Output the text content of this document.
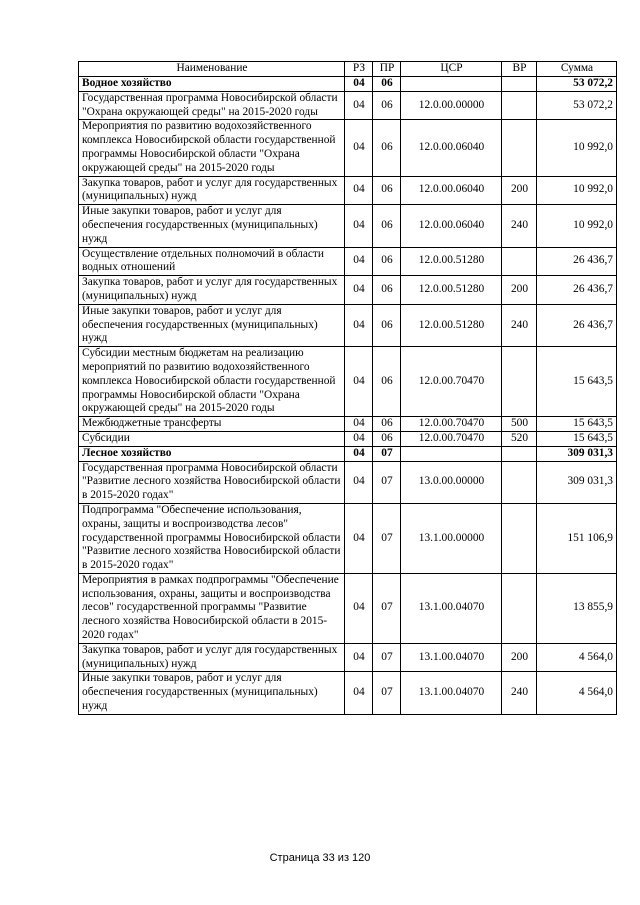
Наименование	РЗ	ПР	ЦСР	ВР	Сумма
Водное хозяйство	04	06			53 072,2
Государственная программа Новосибирской области "Охрана окружающей среды" на 2015-2020 годы	04	06	12.0.00.00000		53 072,2
Мероприятия по развитию водохозяйственного комплекса Новосибирской области государственной программы Новосибирской области "Охрана окружающей среды" на 2015-2020 годы	04	06	12.0.00.06040		10 992,0
Закупка товаров, работ и услуг для государственных (муниципальных) нужд	04	06	12.0.00.06040	200	10 992,0
Иные закупки товаров, работ и услуг для обеспечения государственных (муниципальных) нужд	04	06	12.0.00.06040	240	10 992,0
Осуществление отдельных полномочий в области водных отношений	04	06	12.0.00.51280		26 436,7
Закупка товаров, работ и услуг для государственных (муниципальных) нужд	04	06	12.0.00.51280	200	26 436,7
Иные закупки товаров, работ и услуг для обеспечения государственных (муниципальных) нужд	04	06	12.0.00.51280	240	26 436,7
Субсидии местным бюджетам на реализацию мероприятий по развитию водохозяйственного комплекса Новосибирской области государственной программы Новосибирской области "Охрана окружающей среды" на 2015-2020 годы	04	06	12.0.00.70470		15 643,5
Межбюджетные трансферты	04	06	12.0.00.70470	500	15 643,5
Субсидии	04	06	12.0.00.70470	520	15 643,5
Лесное хозяйство	04	07			309 031,3
Государственная программа Новосибирской области "Развитие лесного хозяйства Новосибирской области в 2015-2020 годах"	04	07	13.0.00.00000		309 031,3
Подпрограмма "Обеспечение использования, охраны, защиты и воспроизводства лесов" государственной программы Новосибирской области "Развитие лесного хозяйства Новосибирской области в 2015-2020 годах"	04	07	13.1.00.00000		151 106,9
Мероприятия в рамках подпрограммы "Обеспечение использования, охраны, защиты и воспроизводства лесов" государственной программы "Развитие лесного хозяйства Новосибирской области в 2015-2020 годах"	04	07	13.1.00.04070		13 855,9
Закупка товаров, работ и услуг для государственных (муниципальных) нужд	04	07	13.1.00.04070	200	4 564,0
Иные закупки товаров, работ и услуг для обеспечения государственных (муниципальных) нужд	04	07	13.1.00.04070	240	4 564,0
Страница 33 из 120
